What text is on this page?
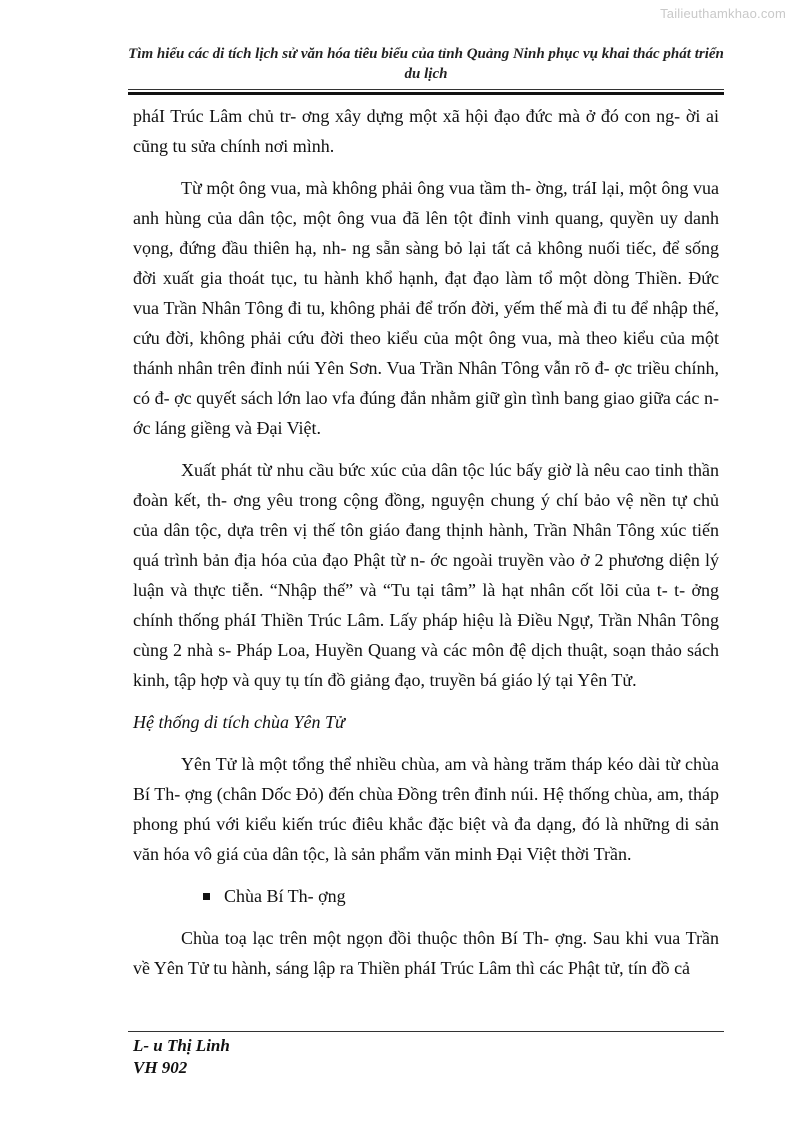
Tailieuthamkhao.com
Tìm hiểu các di tích lịch sử văn hóa tiêu biểu của tỉnh Quảng Ninh phục vụ khai thác phát triển du lịch

pháI Trúc Lâm chủ tr- ơng xây dựng một xã hội đạo đức mà ở đó con ng- ời ai cũng tu sửa chính nơi mình.

Từ một ông vua, mà không phải ông vua tầm th- ờng, tráI lại, một ông vua anh hùng của dân tộc, một ông vua đã lên tột đỉnh vinh quang, quyền uy danh vọng, đứng đầu thiên hạ, nh- ng sẵn sàng bỏ lại tất cả không nuối tiếc, để sống đời xuất gia thoát tục, tu hành khổ hạnh, đạt đạo làm tổ một dòng Thiền. Đức vua Trần Nhân Tông đi tu, không phải để trốn đời, yếm thế mà đi tu để nhập thế, cứu đời, không phải cứu đời theo kiểu của một ông vua, mà theo kiểu của một thánh nhân trên đỉnh núi Yên Sơn. Vua Trần Nhân Tông vẫn rõ đ- ợc triều chính, có đ- ợc quyết sách lớn lao vfa đúng đắn nhằm giữ gìn tình bang giao giữa các n- ớc láng giềng và Đại Việt.

Xuất phát từ nhu cầu bức xúc của dân tộc lúc bấy giờ là nêu cao tinh thần đoàn kết, th- ơng yêu trong cộng đồng, nguyện chung ý chí bảo vệ nền tự chủ của dân tộc, dựa trên vị thế tôn giáo đang thịnh hành, Trần Nhân Tông xúc tiến quá trình bản địa hóa của đạo Phật từ n- ớc ngoài truyền vào ở 2 phương diện lý luận và thực tiễn. “Nhập thế” và “Tu tại tâm” là hạt nhân cốt lõi của t- t- ởng chính thống pháI Thiền Trúc Lâm. Lấy pháp hiệu là Điều Ngự, Trần Nhân Tông cùng 2 nhà s- Pháp Loa, Huyền Quang và các môn đệ dịch thuật, soạn thảo sách kinh, tập hợp và quy tụ tín đồ giảng đạo, truyền bá giáo lý tại Yên Tử.

Hệ thống di tích chùa Yên Tử

Yên Tử là một tổng thể nhiều chùa, am và hàng trăm tháp kéo dài từ chùa Bí Th- ợng (chân Dốc Đỏ) đến chùa Đồng trên đỉnh núi. Hệ thống chùa, am, tháp phong phú với kiểu kiến trúc điêu khắc đặc biệt và đa dạng, đó là những di sản văn hóa vô giá của dân tộc, là sản phẩm văn minh Đại Việt thời Trần.

Chùa Bí Th- ợng

Chùa toạ lạc trên một ngọn đồi thuộc thôn Bí Th- ợng. Sau khi vua Trần về Yên Tử tu hành, sáng lập ra Thiền pháI Trúc Lâm thì các Phật tử, tín đồ cả

L- u Thị Linh
VH 902
